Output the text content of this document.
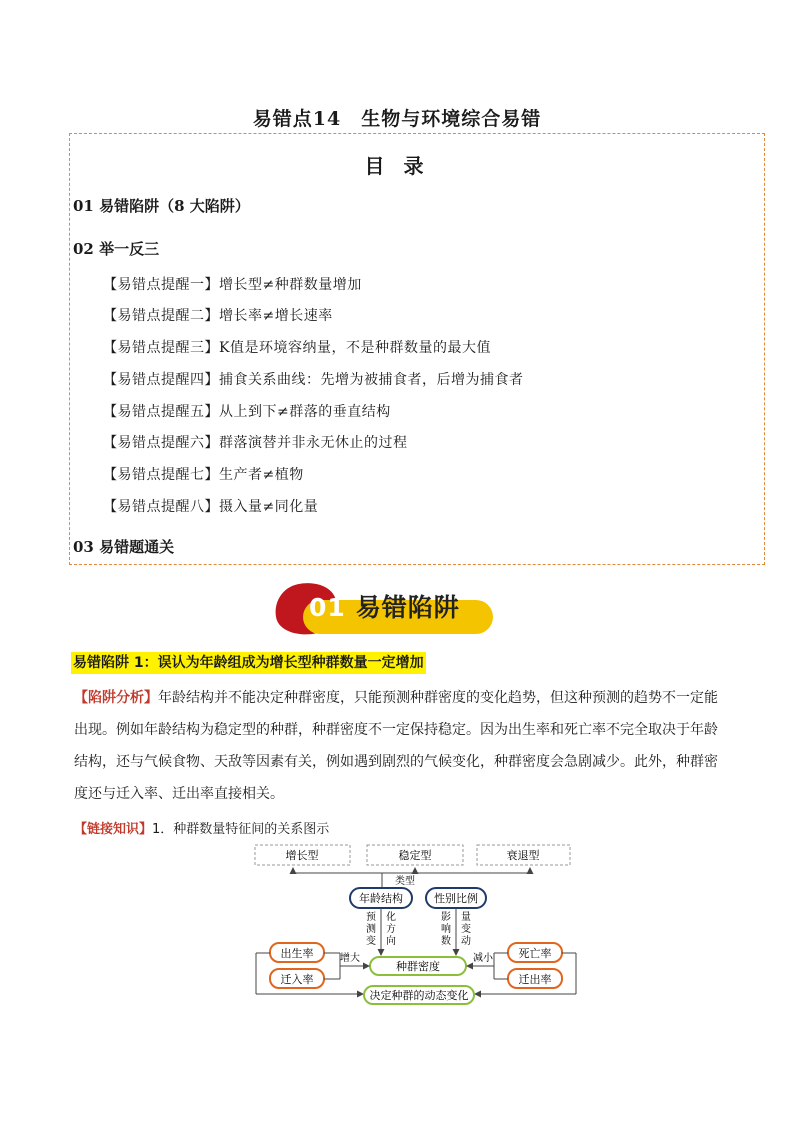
易错点14　生物与环境综合易错
目 录
01 易错陷阱（8 大陷阱）
02 举一反三
【易错点提醒一】增长型≠种群数量增加
【易错点提醒二】增长率≠增长速率
【易错点提醒三】K值是环境容纳量，不是种群数量的最大值
【易错点提醒四】捕食关系曲线：先增为被捕食者，后增为捕食者
【易错点提醒五】从上到下≠群落的垂直结构
【易错点提醒六】群落演替并非永无休止的过程
【易错点提醒七】生产者≠植物
【易错点提醒八】摄入量≠同化量
03 易错题通关
01 易错陷阱
易错陷阱 1：误认为年龄组成为增长型种群数量一定增加
【陷阱分析】年龄结构并不能决定种群密度，只能预测种群密度的变化趋势，但这种预测的趋势不一定能
出现。例如年龄结构为稳定型的种群，种群密度不一定保持稳定。因为出生率和死亡率不完全取决于年龄
结构，还与气候食物、天敌等因素有关，例如遇到剧烈的气候变化，种群密度会急剧减少。此外，种群密
度还与迁入率、迁出率直接相关。
【链接知识】1．种群数量特征间的关系图示
增长型	稳定型	衰退型
类型
年龄结构	性别比例
预
测
变
化
方
向
影
响
数
量
变
动
种群密度
出生率
迁入率
增大	死亡率
迁出率
减小
决定种群的动态变化
